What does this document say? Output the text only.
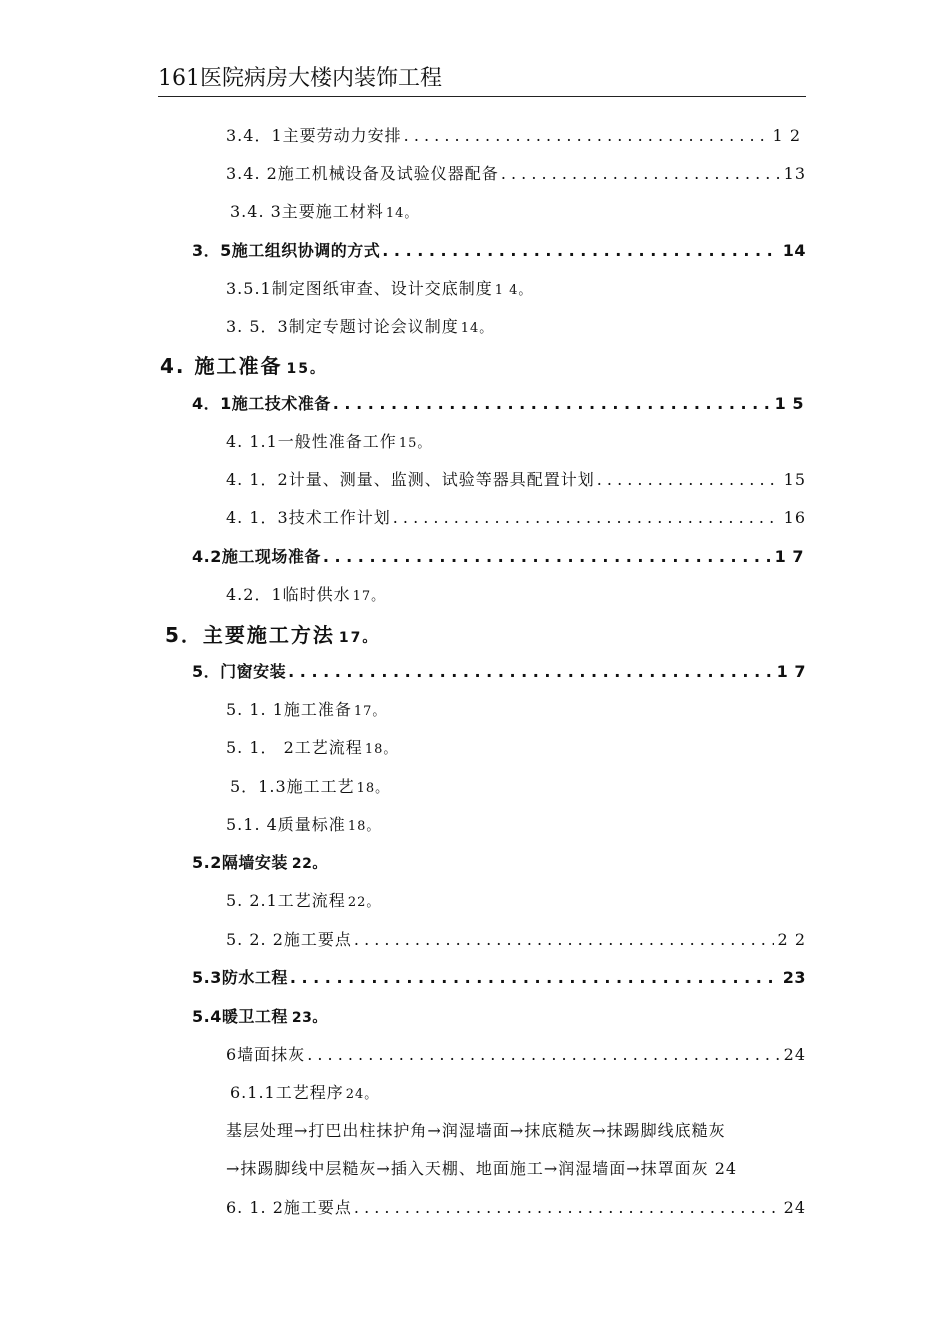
161医院病房大楼内装饰工程
3.4．1主要劳动力安排 . . .	1 2
3.4. 2施工机械设备及试验仪器配备 . . .	13
3.4. 3主要施工材料 14。
3．5施工组织协调的方式 . . .	14
3.5.1制定图纸审查、设计交底制度 1 4。
3. 5．3制定专题讨论会议制度 14。
4. 施工准备 15。
4．1施工技术准备 . . .	1 5
4. 1.1一般性准备工作 15。
4. 1．2计量、测量、监测、试验等器具配置计划 . . .	15
4. 1．3技术工作计划 . . .	16
4.2施工现场准备 . . .	1 7
4.2．1临时供水 17。
5．主要施工方法 17。
5．门窗安装 . . .	1 7
5. 1. 1施工准备 17。
5. 1． 2工艺流程 18。
5．1.3施工工艺 18。
5.1. 4质量标准 18。
5.2隔墙安装 22。
5. 2.1工艺流程 22。
5. 2. 2施工要点 . . .	2 2
5.3防水工程 . . .	23
5.4暖卫工程 23。
6墙面抹灰 . . .	24
6.1.1工艺程序 24。
基层处理→打巴出柱抹护角→润湿墙面→抹底糙灰→抹踢脚线底糙灰
→抹踢脚线中层糙灰→插入天棚、地面施工→润湿墙面→抹罩面灰 24
6. 1. 2施工要点 . . .	24
